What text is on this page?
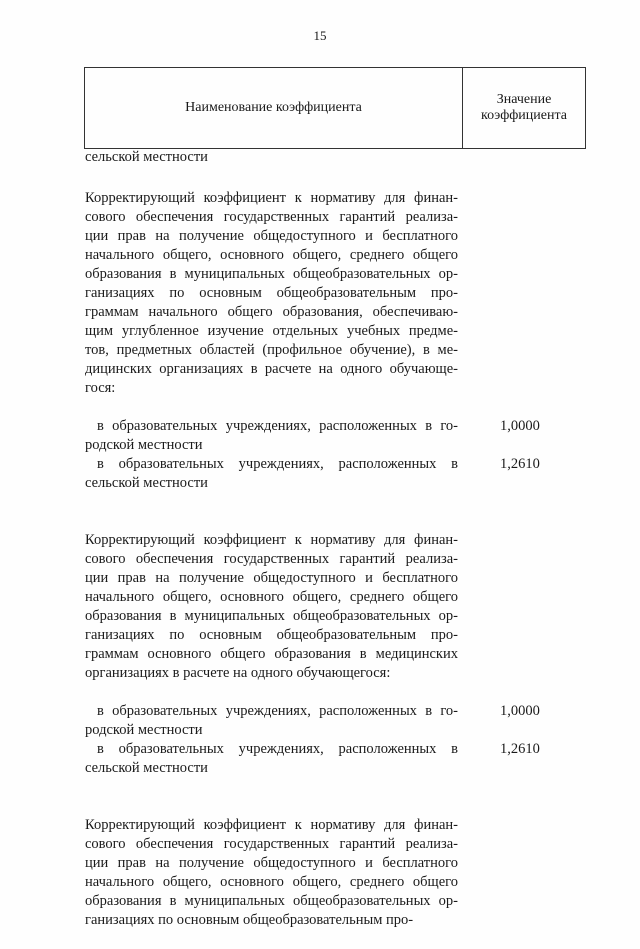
15
Наименование коэффициента
Значение
коэффициента
сельской местности
Корректирующий коэффициент к нормативу для финан-
сового обеспечения государственных гарантий реализа-
ции прав на получение общедоступного и бесплатного
начального общего, основного общего, среднего общего
образования в муниципальных общеобразовательных ор-
ганизациях по основным общеобразовательным про-
граммам начального общего образования, обеспечиваю-
щим углубленное изучение отдельных учебных предме-
тов, предметных областей (профильное обучение), в ме-
дицинских организациях в расчете на одного обучающе-
гося:
в образовательных учреждениях, расположенных в го-
родской местности
1,0000
в образовательных учреждениях, расположенных в
сельской местности
1,2610
Корректирующий коэффициент к нормативу для финан-
сового обеспечения государственных гарантий реализа-
ции прав на получение общедоступного и бесплатного
начального общего, основного общего, среднего общего
образования в муниципальных общеобразовательных ор-
ганизациях по основным общеобразовательным про-
граммам основного общего образования в медицинских
организациях в расчете на одного обучающегося:
в образовательных учреждениях, расположенных в го-
родской местности
1,0000
в образовательных учреждениях, расположенных в
сельской местности
1,2610
Корректирующий коэффициент к нормативу для финан-
сового обеспечения государственных гарантий реализа-
ции прав на получение общедоступного и бесплатного
начального общего, основного общего, среднего общего
образования в муниципальных общеобразовательных ор-
ганизациях по основным общеобразовательным про-
